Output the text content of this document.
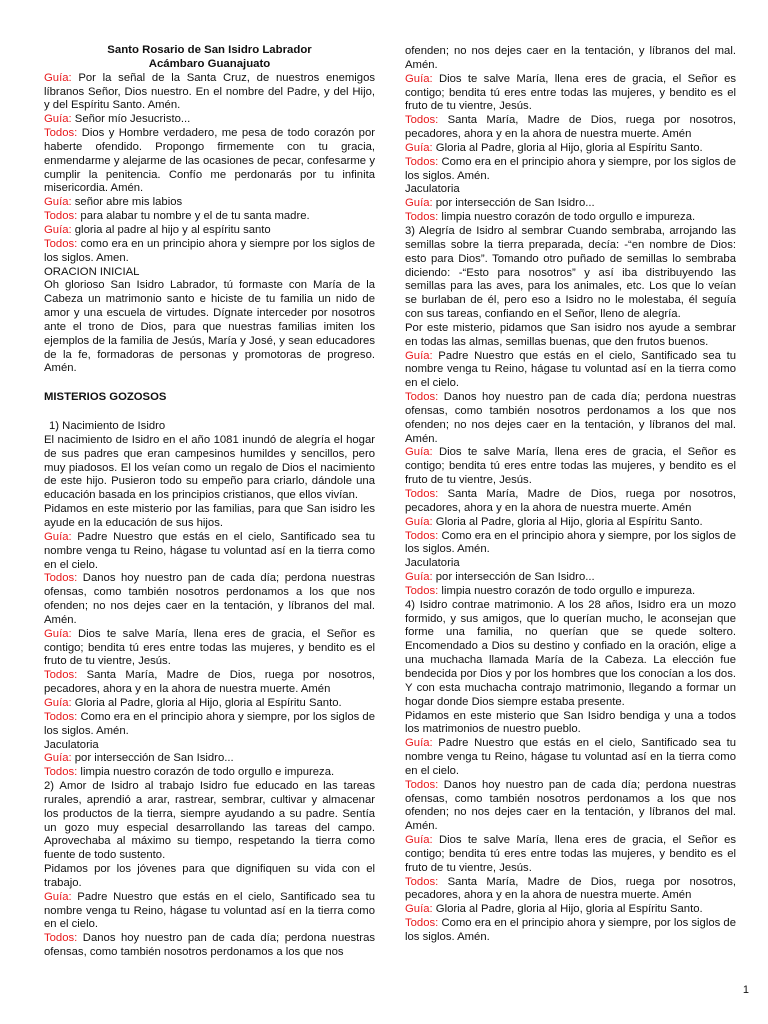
Santo Rosario de San Isidro Labrador
Acámbaro Guanajuato
Guía: Por la señal de la Santa Cruz, de nuestros enemigos líbranos Señor, Dios nuestro. En el nombre del Padre, y del Hijo, y del Espíritu Santo. Amén.
Guía: Señor mío Jesucristo...
Todos: Dios y Hombre verdadero, me pesa de todo corazón por haberte ofendido. Propongo firmemente con tu gracia, enmendarme y alejarme de las ocasiones de pecar, confesarme y cumplir la penitencia. Confío me perdonarás por tu infinita misericordia. Amén.
Guía: señor abre mis labios
Todos: para alabar tu nombre y el de tu santa madre.
Guía: gloria al padre al hijo y al espíritu santo
Todos: como era en un principio ahora y siempre por los siglos de los siglos. Amen.
ORACION INICIAL
Oh glorioso San Isidro Labrador, tú formaste con María de la Cabeza un matrimonio santo e hiciste de tu familia un nido de amor y una escuela de virtudes. Dígnate interceder por nosotros ante el trono de Dios, para que nuestras familias imiten los ejemplos de la familia de Jesús, María y José, y sean educadores de la fe, formadoras de personas y promotoras de progreso. Amén.
MISTERIOS GOZOSOS
1) Nacimiento de Isidro
El nacimiento de Isidro en el año 1081 inundó de alegría el hogar de sus padres que eran campesinos humildes y sencillos, pero muy piadosos. El los veían como un regalo de Dios el nacimiento de este hijo. Pusieron todo su empeño para criarlo, dándole una educación basada en los principios cristianos, que ellos vivían.
Pidamos en este misterio por las familias, para que San isidro les ayude en la educación de sus hijos.
Guía: Padre Nuestro que estás en el cielo, Santificado sea tu nombre venga tu Reino, hágase tu voluntad así en la tierra como en el cielo.
Todos: Danos hoy nuestro pan de cada día; perdona nuestras ofensas, como también nosotros perdonamos a los que nos ofenden; no nos dejes caer en la tentación, y líbranos del mal. Amén.
Guía: Dios te salve María, llena eres de gracia, el Señor es contigo; bendita tú eres entre todas las mujeres, y bendito es el fruto de tu vientre, Jesús.
Todos: Santa María, Madre de Dios, ruega por nosotros, pecadores, ahora y en la ahora de nuestra muerte. Amén
Guía: Gloria al Padre, gloria al Hijo, gloria al Espíritu Santo.
Todos: Como era en el principio ahora y siempre, por los siglos de los siglos. Amén.
Jaculatoria
Guía: por intersección de San Isidro...
Todos: limpia nuestro corazón de todo orgullo e impureza.
2) Amor de Isidro al trabajo Isidro fue educado en las tareas rurales, aprendió a arar, rastrear, sembrar, cultivar y almacenar los productos de la tierra, siempre ayudando a su padre. Sentía un gozo muy especial desarrollando las tareas del campo. Aprovechaba al máximo su tiempo, respetando la tierra como fuente de todo sustento.
Pidamos por los jóvenes para que dignifiquen su vida con el trabajo.
Guía: Padre Nuestro que estás en el cielo, Santificado sea tu nombre venga tu Reino, hágase tu voluntad así en la tierra como en el cielo.
Todos: Danos hoy nuestro pan de cada día; perdona nuestras ofensas, como también nosotros perdonamos a los que nos
ofenden; no nos dejes caer en la tentación, y líbranos del mal. Amén.
Guía: Dios te salve María, llena eres de gracia, el Señor es contigo; bendita tú eres entre todas las mujeres, y bendito es el fruto de tu vientre, Jesús.
Todos: Santa María, Madre de Dios, ruega por nosotros, pecadores, ahora y en la ahora de nuestra muerte. Amén
Guía: Gloria al Padre, gloria al Hijo, gloria al Espíritu Santo.
Todos: Como era en el principio ahora y siempre, por los siglos de los siglos. Amén.
Jaculatoria
Guía: por intersección de San Isidro...
Todos: limpia nuestro corazón de todo orgullo e impureza.
3) Alegría de Isidro al sembrar Cuando sembraba, arrojando las semillas sobre la tierra preparada, decía: -“en nombre de Dios: esto para Dios”. Tomando otro puñado de semillas lo sembraba diciendo: -“Esto para nosotros” y así iba distribuyendo las semillas para las aves, para los animales, etc. Los que lo veían se burlaban de él, pero eso a Isidro no le molestaba, él seguía con sus tareas, confiando en el Señor, lleno de alegría.
Por este misterio, pidamos que San isidro nos ayude a sembrar en todas las almas, semillas buenas, que den frutos buenos.
Guía: Padre Nuestro que estás en el cielo, Santificado sea tu nombre venga tu Reino, hágase tu voluntad así en la tierra como en el cielo.
Todos: Danos hoy nuestro pan de cada día; perdona nuestras ofensas, como también nosotros perdonamos a los que nos ofenden; no nos dejes caer en la tentación, y líbranos del mal. Amén.
Guía: Dios te salve María, llena eres de gracia, el Señor es contigo; bendita tú eres entre todas las mujeres, y bendito es el fruto de tu vientre, Jesús.
Todos: Santa María, Madre de Dios, ruega por nosotros, pecadores, ahora y en la ahora de nuestra muerte. Amén
Guía: Gloria al Padre, gloria al Hijo, gloria al Espíritu Santo.
Todos: Como era en el principio ahora y siempre, por los siglos de los siglos. Amén.
Jaculatoria
Guía: por intersección de San Isidro...
Todos: limpia nuestro corazón de todo orgullo e impureza.
4) Isidro contrae matrimonio. A los 28 años, Isidro era un mozo formido, y sus amigos, que lo querían mucho, le aconsejan que forme una familia, no querían que se quede soltero. Encomendado a Dios su destino y confiado en la oración, elige a una muchacha llamada María de la Cabeza. La elección fue bendecida por Dios y por los hombres que los conocían a los dos. Y con esta muchacha contrajo matrimonio, llegando a formar un hogar donde Dios siempre estaba presente.
Pidamos en este misterio que San Isidro bendiga y una a todos los matrimonios de nuestro pueblo.
Guía: Padre Nuestro que estás en el cielo, Santificado sea tu nombre venga tu Reino, hágase tu voluntad así en la tierra como en el cielo.
Todos: Danos hoy nuestro pan de cada día; perdona nuestras ofensas, como también nosotros perdonamos a los que nos ofenden; no nos dejes caer en la tentación, y líbranos del mal. Amén.
Guía: Dios te salve María, llena eres de gracia, el Señor es contigo; bendita tú eres entre todas las mujeres, y bendito es el fruto de tu vientre, Jesús.
Todos: Santa María, Madre de Dios, ruega por nosotros, pecadores, ahora y en la ahora de nuestra muerte. Amén
Guía: Gloria al Padre, gloria al Hijo, gloria al Espíritu Santo.
Todos: Como era en el principio ahora y siempre, por los siglos de los siglos. Amén.
1
